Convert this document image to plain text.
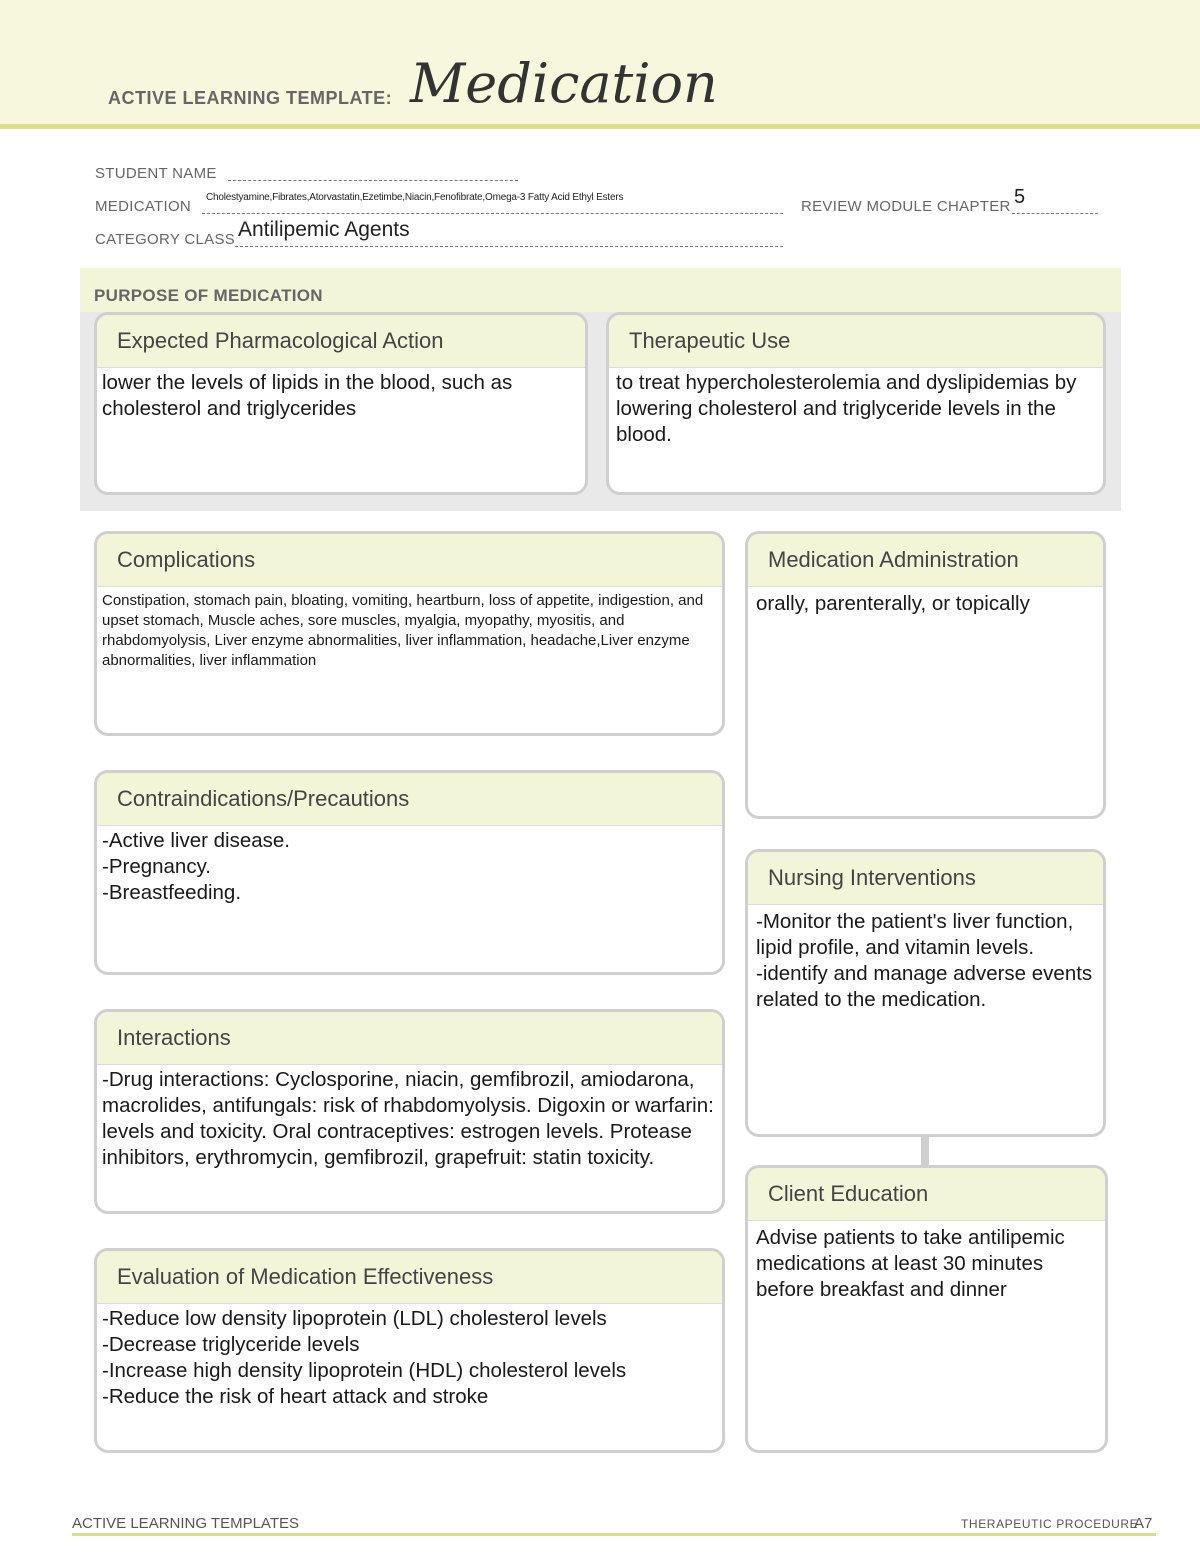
ACTIVE LEARNING TEMPLATE: Medication
STUDENT NAME
MEDICATION
Cholestyamine,Fibrates,Atorvastatin,Ezetimbe,Niacin,Fenofibrate,Omega-3 Fatty Acid Ethyl Esters
REVIEW MODULE CHAPTER 5
CATEGORY CLASS Antilipemic Agents
PURPOSE OF MEDICATION
Expected Pharmacological Action
lower the levels of lipids in the blood, such as cholesterol and triglycerides
Therapeutic Use
to treat hypercholesterolemia and dyslipidemias by lowering cholesterol and triglyceride levels in the blood.
Complications
Constipation, stomach pain, bloating, vomiting, heartburn, loss of appetite, indigestion, and upset stomach, Muscle aches, sore muscles, myalgia, myopathy, myositis, and rhabdomyolysis, Liver enzyme abnormalities, liver inflammation, headache,Liver enzyme abnormalities, liver inflammation
Medication Administration
orally, parenterally, or topically
Contraindications/Precautions
-Active liver disease.
-Pregnancy.
-Breastfeeding.
Nursing Interventions
-Monitor the patient's liver function, lipid profile, and vitamin levels.
-identify and manage adverse events related to the medication.
Interactions
-Drug interactions: Cyclosporine, niacin, gemfibrozil, amiodarona, macrolides, antifungals: risk of rhabdomyolysis. Digoxin or warfarin: levels and toxicity. Oral contraceptives: estrogen levels. Protease inhibitors, erythromycin, gemfibrozil, grapefruit: statin toxicity.
Client Education
Advise patients to take antilipemic medications at least 30 minutes before breakfast and dinner
Evaluation of Medication Effectiveness
-Reduce low density lipoprotein (LDL) cholesterol levels
-Decrease triglyceride levels
-Increase high density lipoprotein (HDL) cholesterol levels
-Reduce the risk of heart attack and stroke
ACTIVE LEARNING TEMPLATES	THERAPEUTIC PROCEDURE
A7
